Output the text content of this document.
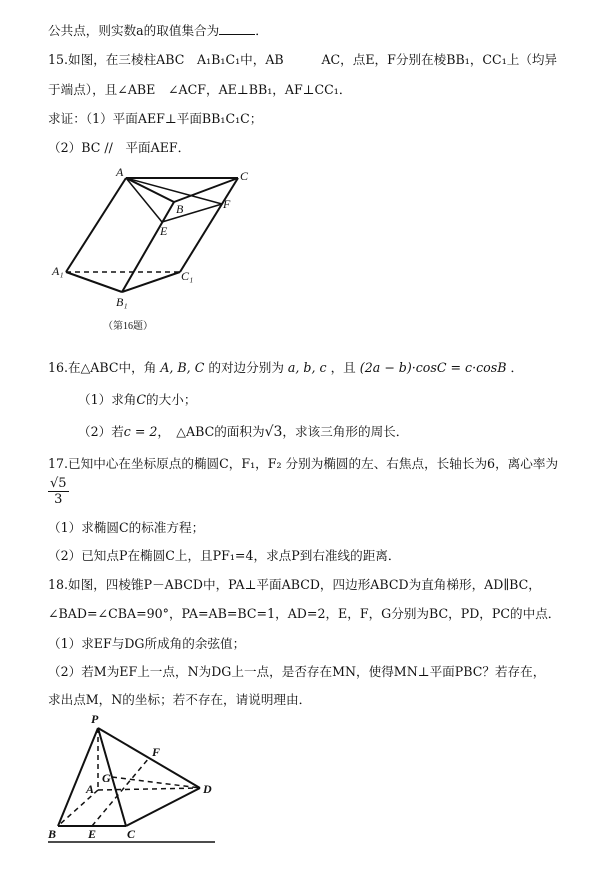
公共点，则实数a的取值集合为	．
15.如图，在三棱柱ABC　A₁B₁C₁中，AB　　　AC，点E，F分别在棱BB₁，CC₁上（均异
于端点），且∠ABE　∠ACF，AE⊥BB₁，AF⊥CC₁．
求证：（1）平面AEF⊥平面BB₁C₁C；
（2）BC //　平面AEF．
A	C
B	F
E
A₁	C₁
B₁
（第16题）
16.在△ABC中，角 A, B, C 的对边分别为 a, b, c ，且 (2a − b)·cosC = c·cosB ．
（1）求角C的大小；
（2）若c = 2，　△ABC的面积为√3，求该三角形的周长．
17.已知中心在坐标原点的椭圆C，F₁，F₂ 分别为椭圆的左、右焦点，长轴长为6，离心率为
$\frac{√5}{3}$
（1）求椭圆C的标准方程；
（2）已知点P在椭圆C上，且PF₁=4，求点P到右准线的距离．
18.如图，四棱锥P－ABCD中，PA⊥平面ABCD，四边形ABCD为直角梯形，AD∥BC，
∠BAD=∠CBA=90°，PA=AB=BC=1，AD=2，E，F，G分别为BC，PD，PC的中点．
（1）求EF与DG所成角的余弦值；
（2）若M为EF上一点，N为DG上一点，是否存在MN，使得MN⊥平面PBC？若存在，
求出点M，N的坐标；若不存在，请说明理由．
P
F
G
A	D
B	E	C
